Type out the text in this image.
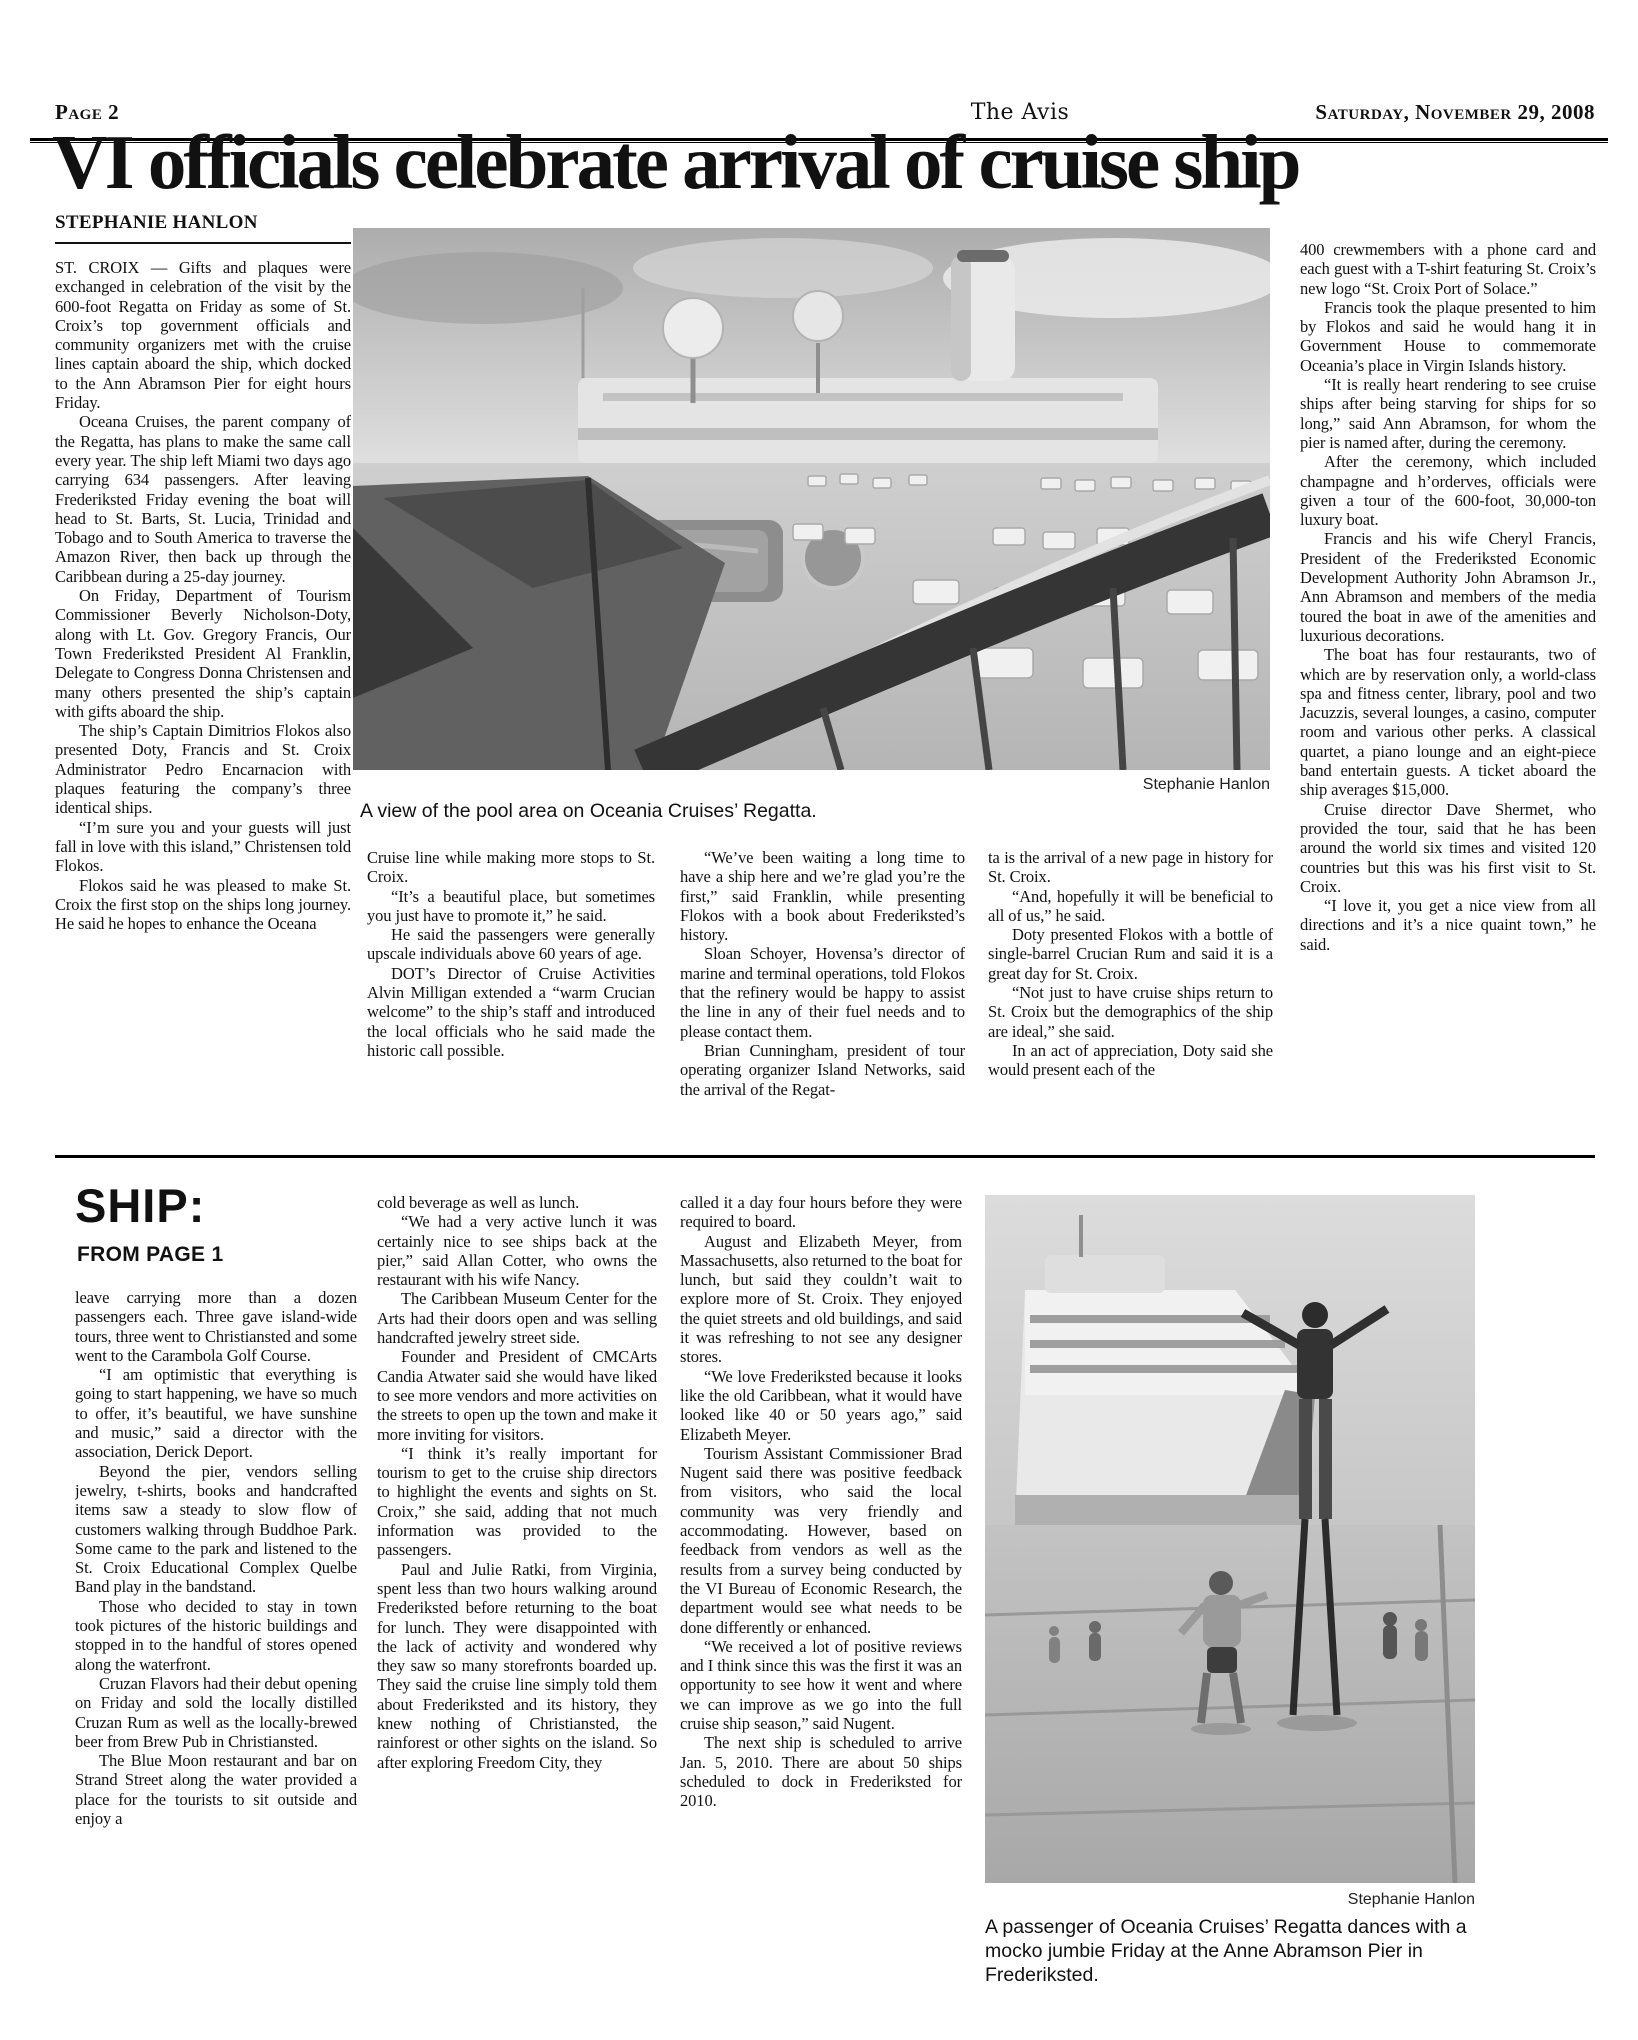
Page 2	The Avis	Saturday, November 29, 2008
VI officials celebrate arrival of cruise ship
STEPHANIE HANLON
Stephanie Hanlon
A view of the pool area on Oceania Cruises’ Regatta.

ST. CROIX — Gifts and plaques were exchanged in celebration of the visit by the 600-foot Regatta on Friday as some of St. Croix’s top government officials and community organizers met with the cruise lines captain aboard the ship, which docked to the Ann Abramson Pier for eight hours Friday.

Oceana Cruises, the parent company of the Regatta, has plans to make the same call every year. The ship left Miami two days ago carrying 634 passengers. After leaving Frederiksted Friday evening the boat will head to St. Barts, St. Lucia, Trinidad and Tobago and to South America to traverse the Amazon River, then back up through the Caribbean during a 25-day journey.

On Friday, Department of Tourism Commissioner Beverly Nicholson-Doty, along with Lt. Gov. Gregory Francis, Our Town Frederiksted President Al Franklin, Delegate to Congress Donna Christensen and many others presented the ship’s captain with gifts aboard the ship.

The ship’s Captain Dimitrios Flokos also presented Doty, Francis and St. Croix Administrator Pedro Encarnacion with plaques featuring the company’s three identical ships.

“I’m sure you and your guests will just fall in love with this island,” Christensen told Flokos.

Flokos said he was pleased to make St. Croix the first stop on the ships long journey. He said he hopes to enhance the Oceana

Cruise line while making more stops to St. Croix.

“It’s a beautiful place, but sometimes you just have to promote it,” he said.

He said the passengers were generally upscale individuals above 60 years of age.

DOT’s Director of Cruise Activities Alvin Milligan extended a “warm Crucian welcome” to the ship’s staff and introduced the local officials who he said made the historic call possible.

“We’ve been waiting a long time to have a ship here and we’re glad you’re the first,” said Franklin, while presenting Flokos with a book about Frederiksted’s history.

Sloan Schoyer, Hovensa’s director of marine and terminal operations, told Flokos that the refinery would be happy to assist the line in any of their fuel needs and to please contact them.

Brian Cunningham, president of tour operating organizer Island Networks, said the arrival of the Regat-

ta is the arrival of a new page in history for St. Croix.

“And, hopefully it will be beneficial to all of us,” he said.

Doty presented Flokos with a bottle of single-barrel Crucian Rum and said it is a great day for St. Croix.

“Not just to have cruise ships return to St. Croix but the demographics of the ship are ideal,” she said.

In an act of appreciation, Doty said she would present each of the

400 crewmembers with a phone card and each guest with a T-shirt featuring St. Croix’s new logo “St. Croix Port of Solace.”

Francis took the plaque presented to him by Flokos and said he would hang it in Government House to commemorate Oceania’s place in Virgin Islands history.

“It is really heart rendering to see cruise ships after being starving for ships for so long,” said Ann Abramson, for whom the pier is named after, during the ceremony.

After the ceremony, which included champagne and h’orderves, officials were given a tour of the 600-foot, 30,000-ton luxury boat.

Francis and his wife Cheryl Francis, President of the Frederiksted Economic Development Authority John Abramson Jr., Ann Abramson and members of the media toured the boat in awe of the amenities and luxurious decorations.

The boat has four restaurants, two of which are by reservation only, a world-class spa and fitness center, library, pool and two Jacuzzis, several lounges, a casino, computer room and various other perks. A classical quartet, a piano lounge and an eight-piece band entertain guests. A ticket aboard the ship averages $15,000.

Cruise director Dave Shermet, who provided the tour, said that he has been around the world six times and visited 120 countries but this was his first visit to St. Croix.

“I love it, you get a nice view from all directions and it’s a nice quaint town,” he said.

SHIP:
FROM PAGE 1

leave carrying more than a dozen passengers each. Three gave island-wide tours, three went to Christiansted and some went to the Carambola Golf Course.

“I am optimistic that everything is going to start happening, we have so much to offer, it’s beautiful, we have sunshine and music,” said a director with the association, Derick Deport.

Beyond the pier, vendors selling jewelry, t-shirts, books and handcrafted items saw a steady to slow flow of customers walking through Buddhoe Park. Some came to the park and listened to the St. Croix Educational Complex Quelbe Band play in the bandstand.

Those who decided to stay in town took pictures of the historic buildings and stopped in to the handful of stores opened along the waterfront.

Cruzan Flavors had their debut opening on Friday and sold the locally distilled Cruzan Rum as well as the locally-brewed beer from Brew Pub in Christiansted.

The Blue Moon restaurant and bar on Strand Street along the water provided a place for the tourists to sit outside and enjoy a

cold beverage as well as lunch.

“We had a very active lunch it was certainly nice to see ships back at the pier,” said Allan Cotter, who owns the restaurant with his wife Nancy.

The Caribbean Museum Center for the Arts had their doors open and was selling handcrafted jewelry street side.

Founder and President of CMCArts Candia Atwater said she would have liked to see more vendors and more activities on the streets to open up the town and make it more inviting for visitors.

“I think it’s really important for tourism to get to the cruise ship directors to highlight the events and sights on St. Croix,” she said, adding that not much information was provided to the passengers.

Paul and Julie Ratki, from Virginia, spent less than two hours walking around Frederiksted before returning to the boat for lunch. They were disappointed with the lack of activity and wondered why they saw so many storefronts boarded up. They said the cruise line simply told them about Frederiksted and its history, they knew nothing of Christiansted, the rainforest or other sights on the island. So after exploring Freedom City, they

called it a day four hours before they were required to board.

August and Elizabeth Meyer, from Massachusetts, also returned to the boat for lunch, but said they couldn’t wait to explore more of St. Croix. They enjoyed the quiet streets and old buildings, and said it was refreshing to not see any designer stores.

“We love Frederiksted because it looks like the old Caribbean, what it would have looked like 40 or 50 years ago,” said Elizabeth Meyer.

Tourism Assistant Commissioner Brad Nugent said there was positive feedback from visitors, who said the local community was very friendly and accommodating. However, based on feedback from vendors as well as the results from a survey being conducted by the VI Bureau of Economic Research, the department would see what needs to be done differently or enhanced.

“We received a lot of positive reviews and I think since this was the first it was an opportunity to see how it went and where we can improve as we go into the full cruise ship season,” said Nugent.

The next ship is scheduled to arrive Jan. 5, 2010. There are about 50 ships scheduled to dock in Frederiksted for 2010.

Stephanie Hanlon
A passenger of Oceania Cruises’ Regatta dances with a mocko jumbie Friday at the Anne Abramson Pier in Frederiksted.
